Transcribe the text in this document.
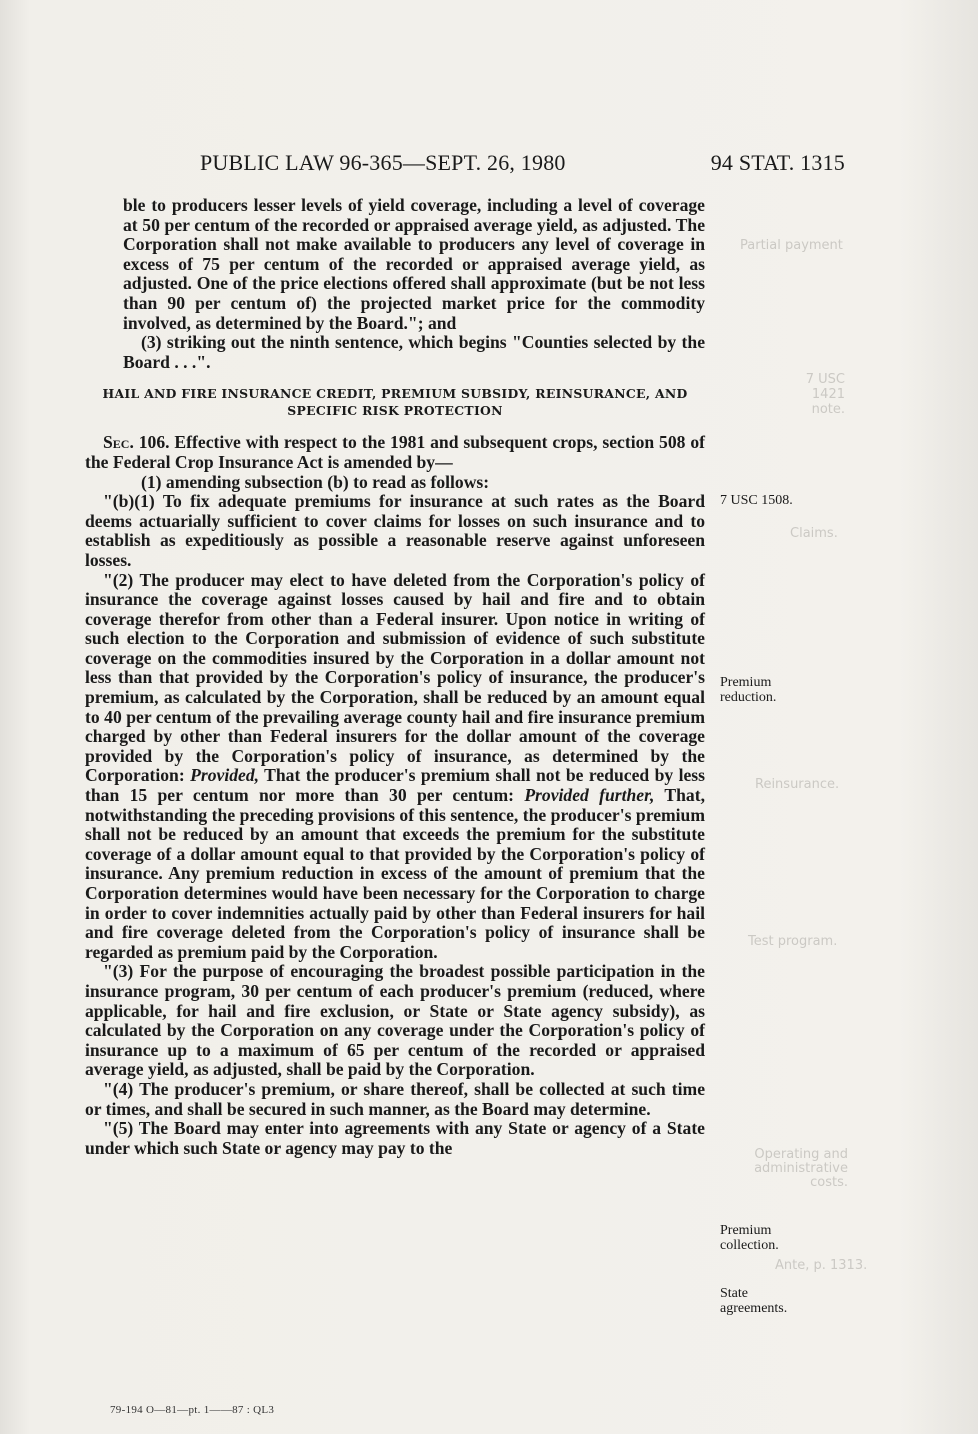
Partial payment
7 USC 1421 note.
Claims.
Reinsurance.
Test program.
Operating and administrative costs.
Ante, p. 1313.
PUBLIC LAW 96-365—SEPT. 26, 1980	94 STAT. 1315

ble to producers lesser levels of yield coverage, including a level of coverage at 50 per centum of the recorded or appraised average yield, as adjusted. The Corporation shall not make available to producers any level of coverage in excess of 75 per centum of the recorded or appraised average yield, as adjusted. One of the price elections offered shall approximate (but be not less than 90 per centum of) the projected market price for the commodity involved, as determined by the Board."; and

(3) striking out the ninth sentence, which begins "Counties selected by the Board . . .".

HAIL AND FIRE INSURANCE CREDIT, PREMIUM SUBSIDY, REINSURANCE, AND SPECIFIC RISK PROTECTION

Sec. 106. Effective with respect to the 1981 and subsequent crops, section 508 of the Federal Crop Insurance Act is amended by—

(1) amending subsection (b) to read as follows:

"(b)(1) To fix adequate premiums for insurance at such rates as the Board deems actuarially sufficient to cover claims for losses on such insurance and to establish as expeditiously as possible a reasonable reserve against unforeseen losses.

"(2) The producer may elect to have deleted from the Corporation's policy of insurance the coverage against losses caused by hail and fire and to obtain coverage therefor from other than a Federal insurer. Upon notice in writing of such election to the Corporation and submission of evidence of such substitute coverage on the commodities insured by the Corporation in a dollar amount not less than that provided by the Corporation's policy of insurance, the producer's premium, as calculated by the Corporation, shall be reduced by an amount equal to 40 per centum of the prevailing average county hail and fire insurance premium charged by other than Federal insurers for the dollar amount of the coverage provided by the Corporation's policy of insurance, as determined by the Corporation: Provided, That the producer's premium shall not be reduced by less than 15 per centum nor more than 30 per centum: Provided further, That, notwithstanding the preceding provisions of this sentence, the producer's premium shall not be reduced by an amount that exceeds the premium for the substitute coverage of a dollar amount equal to that provided by the Corporation's policy of insurance. Any premium reduction in excess of the amount of premium that the Corporation determines would have been necessary for the Corporation to charge in order to cover indemnities actually paid by other than Federal insurers for hail and fire coverage deleted from the Corporation's policy of insurance shall be regarded as premium paid by the Corporation.

"(3) For the purpose of encouraging the broadest possible participation in the insurance program, 30 per centum of each producer's premium (reduced, where applicable, for hail and fire exclusion, or State or State agency subsidy), as calculated by the Corporation on any coverage under the Corporation's policy of insurance up to a maximum of 65 per centum of the recorded or appraised average yield, as adjusted, shall be paid by the Corporation.

"(4) The producer's premium, or share thereof, shall be collected at such time or times, and shall be secured in such manner, as the Board may determine.

"(5) The Board may enter into agreements with any State or agency of a State under which such State or agency may pay to the

7 USC 1508.
Premium reduction.
Premium collection.
State agreements.
79-194 O—81—pt. 1——87 : QL3
